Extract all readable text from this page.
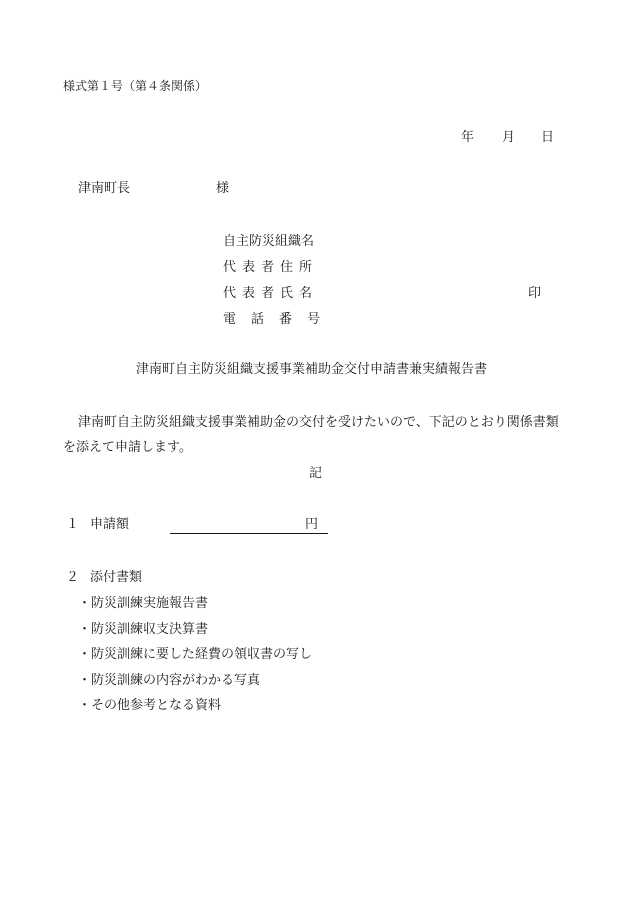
様式第１号（第４条関係）
年 月 日
津南町長	様
自主防災組織名
代表者住所
代表者氏名	印
電話番号
津南町自主防災組織支援事業補助金交付申請書兼実績報告書
津南町自主防災組織支援事業補助金の交付を受けたいので、下記のとおり関係書類
を添えて申請します。
記
１ 申請額	円
２ 添付書類
・防災訓練実施報告書
・防災訓練収支決算書
・防災訓練に要した経費の領収書の写し
・防災訓練の内容がわかる写真
・その他参考となる資料
